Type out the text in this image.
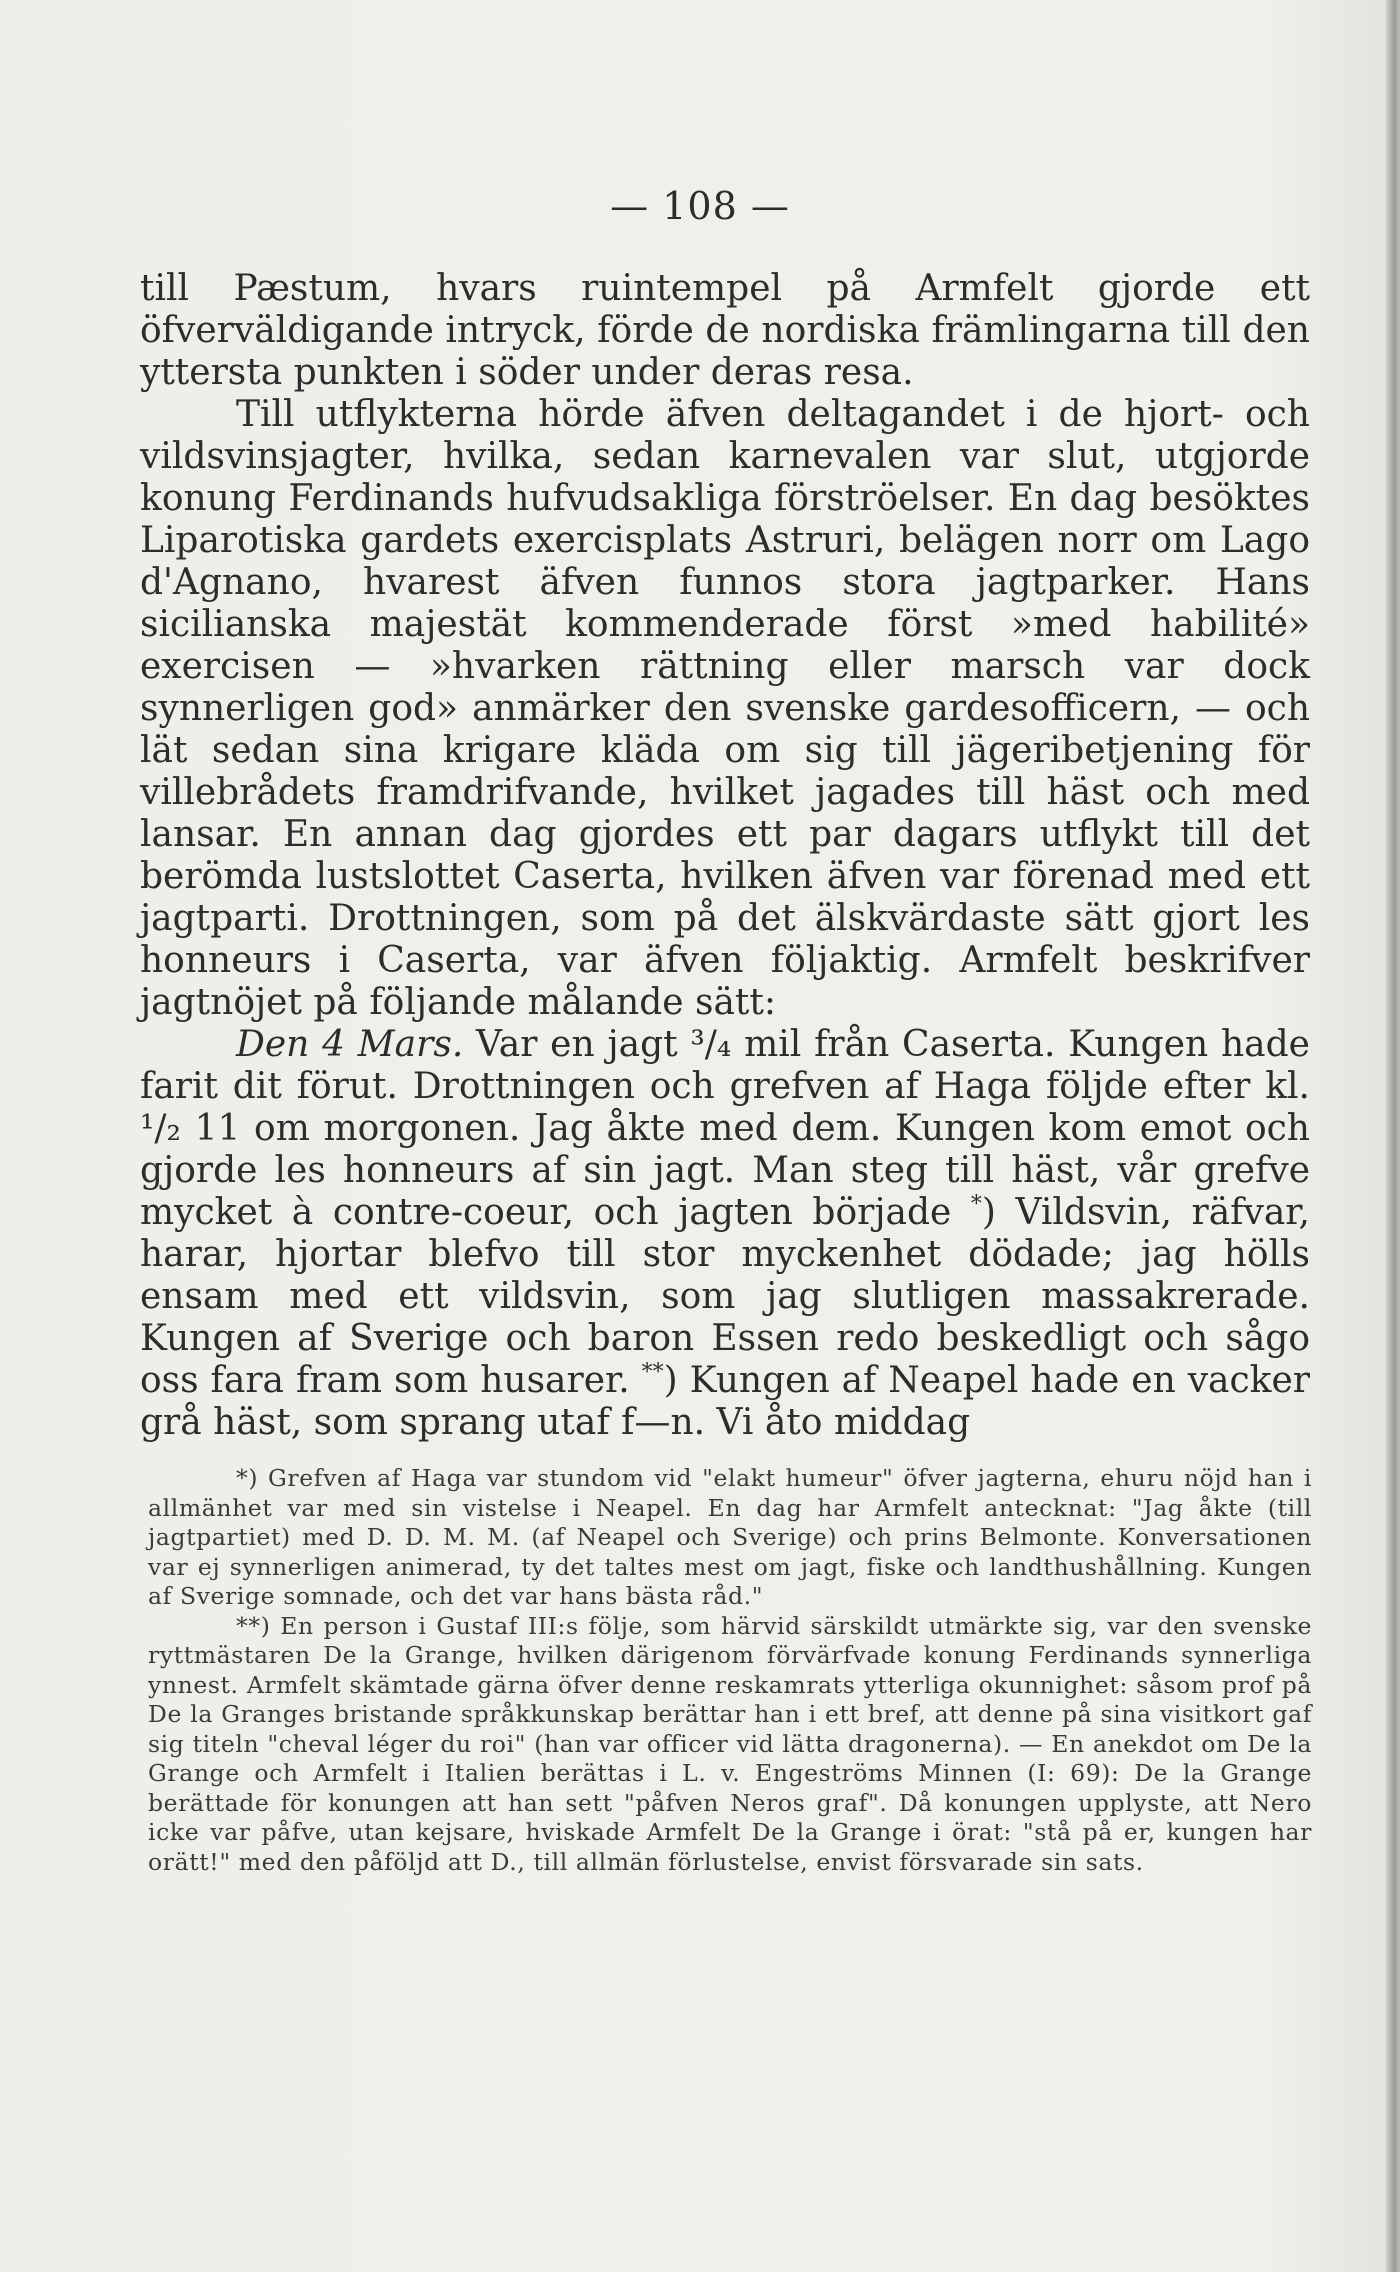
— 108 —

till Pæstum, hvars ruintempel på Armfelt gjorde ett öfverväldigande intryck, förde de nordiska främlingarna till den yttersta punkten i söder under deras resa.

Till utflykterna hörde äfven deltagandet i de hjort- och vildsvinsjagter, hvilka, sedan karnevalen var slut, utgjorde konung Ferdinands hufvudsakliga förströelser. En dag besöktes Liparotiska gardets exercisplats Astruri, belägen norr om Lago d'Agnano, hvarest äfven funnos stora jagtparker. Hans sicilianska majestät kommenderade först »med habilité» exercisen — »hvarken rättning eller marsch var dock synnerligen god» anmärker den svenske gardesofficern, — och lät sedan sina krigare kläda om sig till jägeribetjening för villebrådets framdrifvande, hvilket jagades till häst och med lansar. En annan dag gjordes ett par dagars utflykt till det berömda lustslottet Caserta, hvilken äfven var förenad med ett jagtparti. Drottningen, som på det älskvärdaste sätt gjort les honneurs i Caserta, var äfven följaktig. Armfelt beskrifver jagtnöjet på följande målande sätt:

Den 4 Mars. Var en jagt ³/₄ mil från Caserta. Kungen hade farit dit förut. Drottningen och grefven af Haga följde efter kl. ¹/₂ 11 om morgonen. Jag åkte med dem. Kungen kom emot och gjorde les honneurs af sin jagt. Man steg till häst, vår grefve mycket à contre-coeur, och jagten började *) Vildsvin, räfvar, harar, hjortar blefvo till stor myckenhet dödade; jag hölls ensam med ett vildsvin, som jag slutligen massakrerade. Kungen af Sverige och baron Essen redo beskedligt och sågo oss fara fram som husarer. **) Kungen af Neapel hade en vacker grå häst, som sprang utaf f—n. Vi åto middag

*) Grefven af Haga var stundom vid "elakt humeur" öfver jagterna, ehuru nöjd han i allmänhet var med sin vistelse i Neapel. En dag har Armfelt antecknat: "Jag åkte (till jagtpartiet) med D. D. M. M. (af Neapel och Sverige) och prins Belmonte. Konversationen var ej synnerligen animerad, ty det taltes mest om jagt, fiske och landthushållning. Kungen af Sverige somnade, och det var hans bästa råd."

**) En person i Gustaf III:s följe, som härvid särskildt utmärkte sig, var den svenske ryttmästaren De la Grange, hvilken därigenom förvärfvade konung Ferdinands synnerliga ynnest. Armfelt skämtade gärna öfver denne reskamrats ytterliga okunnighet: såsom prof på De la Granges bristande språkkunskap berättar han i ett bref, att denne på sina visitkort gaf sig titeln "cheval léger du roi" (han var officer vid lätta dragonerna). — En anekdot om De la Grange och Armfelt i Italien berättas i L. v. Engeströms Minnen (I: 69): De la Grange berättade för konungen att han sett "påfven Neros graf". Då konungen upplyste, att Nero icke var påfve, utan kejsare, hviskade Armfelt De la Grange i örat: "stå på er, kungen har orätt!" med den påföljd att D., till allmän förlustelse, envist försvarade sin sats.
